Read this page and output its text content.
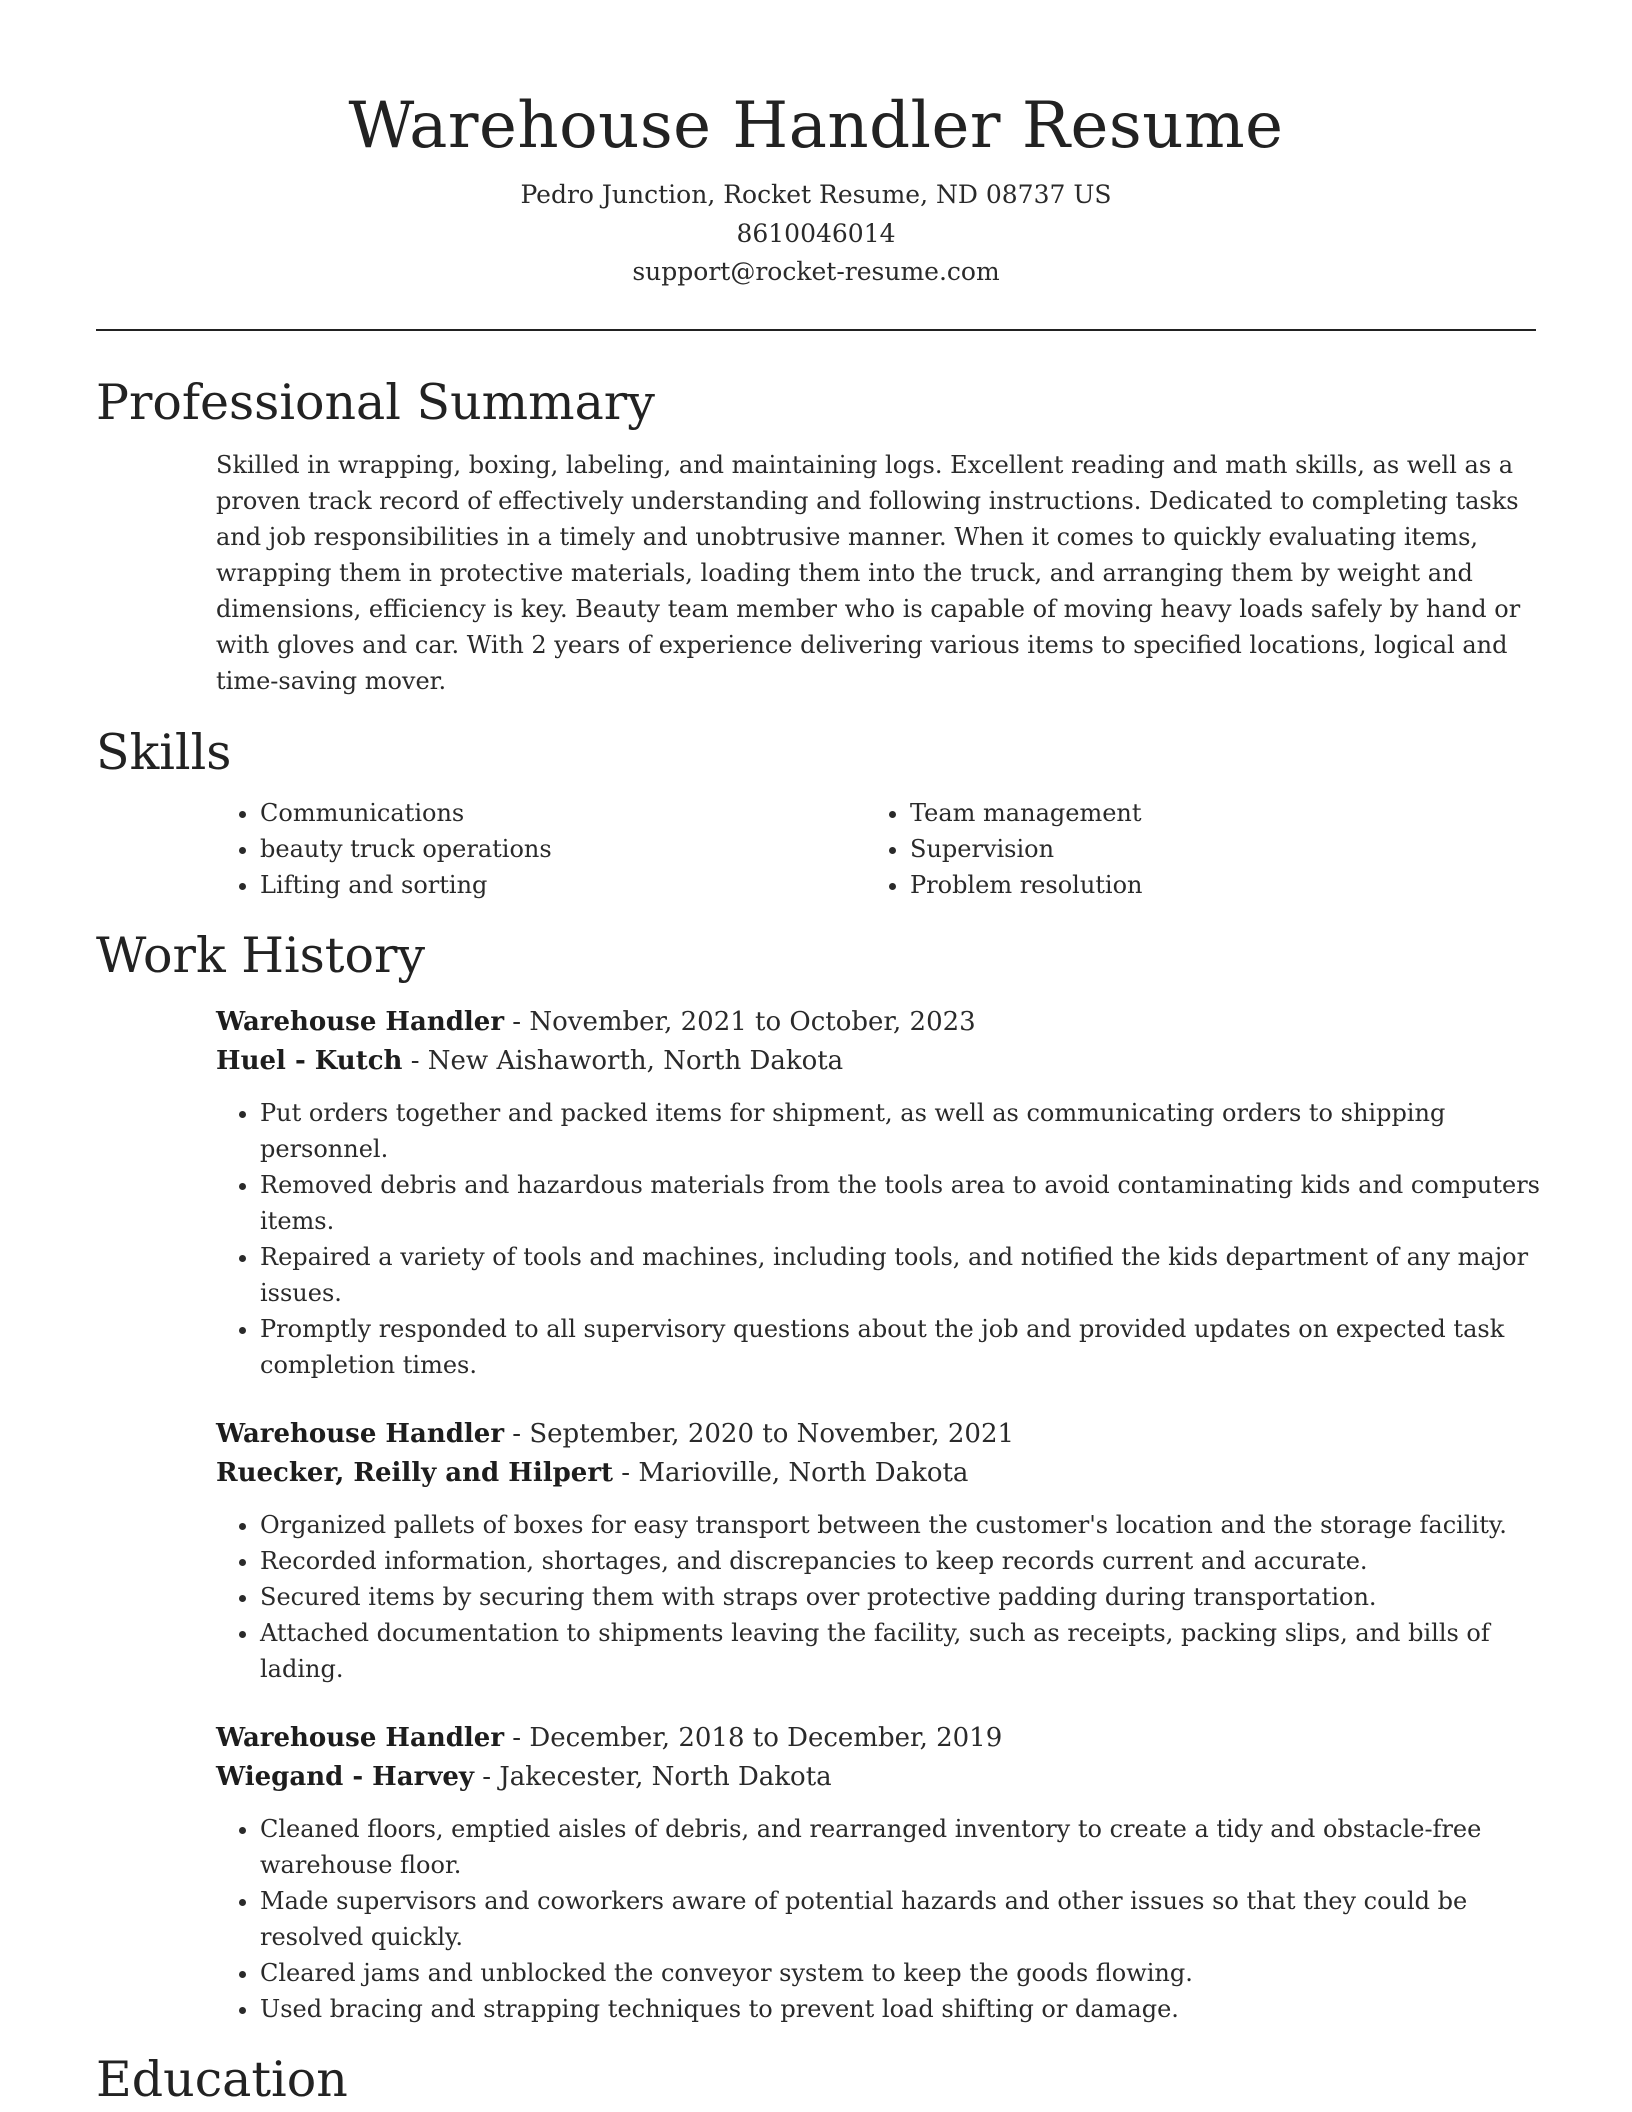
Warehouse Handler Resume
Pedro Junction, Rocket Resume, ND 08737 US
8610046014
support@rocket-resume.com
Professional Summary
Skilled in wrapping, boxing, labeling, and maintaining logs. Excellent reading and math skills, as well as a proven track record of effectively understanding and following instructions. Dedicated to completing tasks and job responsibilities in a timely and unobtrusive manner. When it comes to quickly evaluating items, wrapping them in protective materials, loading them into the truck, and arranging them by weight and dimensions, efficiency is key. Beauty team member who is capable of moving heavy loads safely by hand or with gloves and car. With 2 years of experience delivering various items to specified locations, logical and time-saving mover.
Skills
• Communications
• beauty truck operations
• Lifting and sorting
• Team management
• Supervision
• Problem resolution
Work History
Warehouse Handler - November, 2021 to October, 2023
Huel - Kutch - New Aishaworth, North Dakota
• Put orders together and packed items for shipment, as well as communicating orders to shipping personnel.
• Removed debris and hazardous materials from the tools area to avoid contaminating kids and computers items.
• Repaired a variety of tools and machines, including tools, and notified the kids department of any major issues.
• Promptly responded to all supervisory questions about the job and provided updates on expected task completion times.
Warehouse Handler - September, 2020 to November, 2021
Ruecker, Reilly and Hilpert - Marioville, North Dakota
• Organized pallets of boxes for easy transport between the customer's location and the storage facility.
• Recorded information, shortages, and discrepancies to keep records current and accurate.
• Secured items by securing them with straps over protective padding during transportation.
• Attached documentation to shipments leaving the facility, such as receipts, packing slips, and bills of lading.
Warehouse Handler - December, 2018 to December, 2019
Wiegand - Harvey - Jakecester, North Dakota
• Cleaned floors, emptied aisles of debris, and rearranged inventory to create a tidy and obstacle-free warehouse floor.
• Made supervisors and coworkers aware of potential hazards and other issues so that they could be resolved quickly.
• Cleared jams and unblocked the conveyor system to keep the goods flowing.
• Used bracing and strapping techniques to prevent load shifting or damage.
Education
